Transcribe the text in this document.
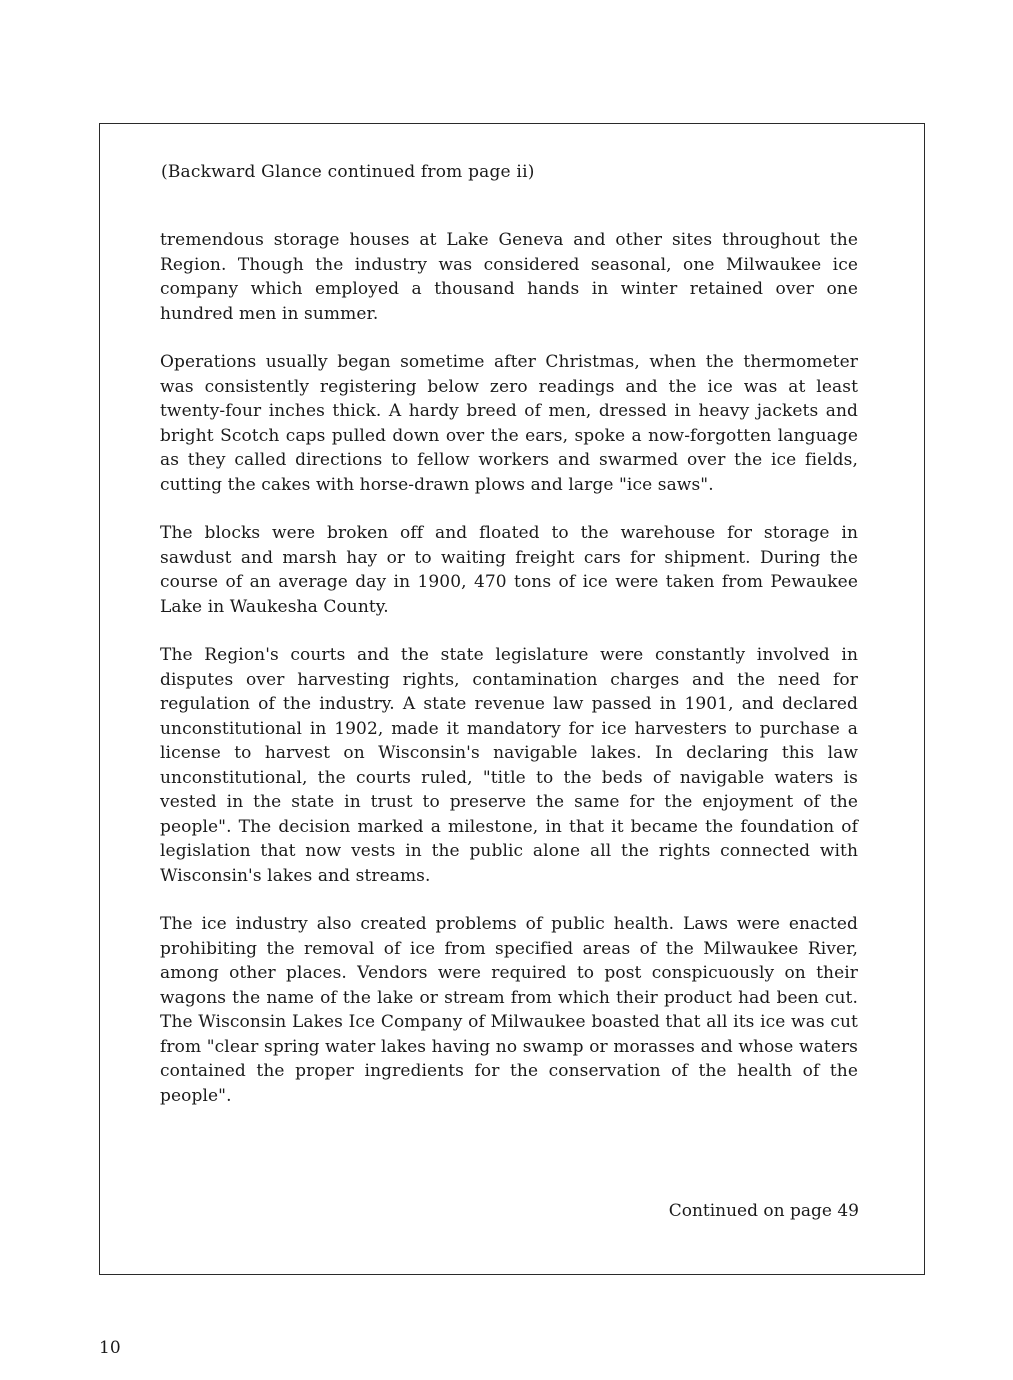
(Backward Glance continued from page ii)

tremendous storage houses at Lake Geneva and other sites throughout the Region. Though the industry was considered seasonal, one Milwaukee ice company which employed a thousand hands in winter retained over one hundred men in summer.

Operations usually began sometime after Christmas, when the thermometer was consistently registering below zero readings and the ice was at least twenty-four inches thick. A hardy breed of men, dressed in heavy jackets and bright Scotch caps pulled down over the ears, spoke a now-forgotten language as they called directions to fellow workers and swarmed over the ice fields, cutting the cakes with horse-drawn plows and large "ice saws".

The blocks were broken off and floated to the warehouse for storage in sawdust and marsh hay or to waiting freight cars for shipment. During the course of an average day in 1900, 470 tons of ice were taken from Pewaukee Lake in Waukesha County.

The Region's courts and the state legislature were constantly involved in disputes over harvesting rights, contamination charges and the need for regulation of the industry. A state revenue law passed in 1901, and declared unconstitutional in 1902, made it mandatory for ice harvesters to purchase a license to harvest on Wisconsin's navigable lakes. In declaring this law unconstitutional, the courts ruled, "title to the beds of navigable waters is vested in the state in trust to preserve the same for the enjoyment of the people". The decision marked a milestone, in that it became the foundation of legislation that now vests in the public alone all the rights connected with Wisconsin's lakes and streams.

The ice industry also created problems of public health. Laws were enacted prohibiting the removal of ice from specified areas of the Milwaukee River, among other places. Vendors were required to post conspicuously on their wagons the name of the lake or stream from which their product had been cut. The Wisconsin Lakes Ice Company of Milwaukee boasted that all its ice was cut from "clear spring water lakes having no swamp or morasses and whose waters contained the proper ingredients for the conservation of the health of the people".

Continued on page 49
10
